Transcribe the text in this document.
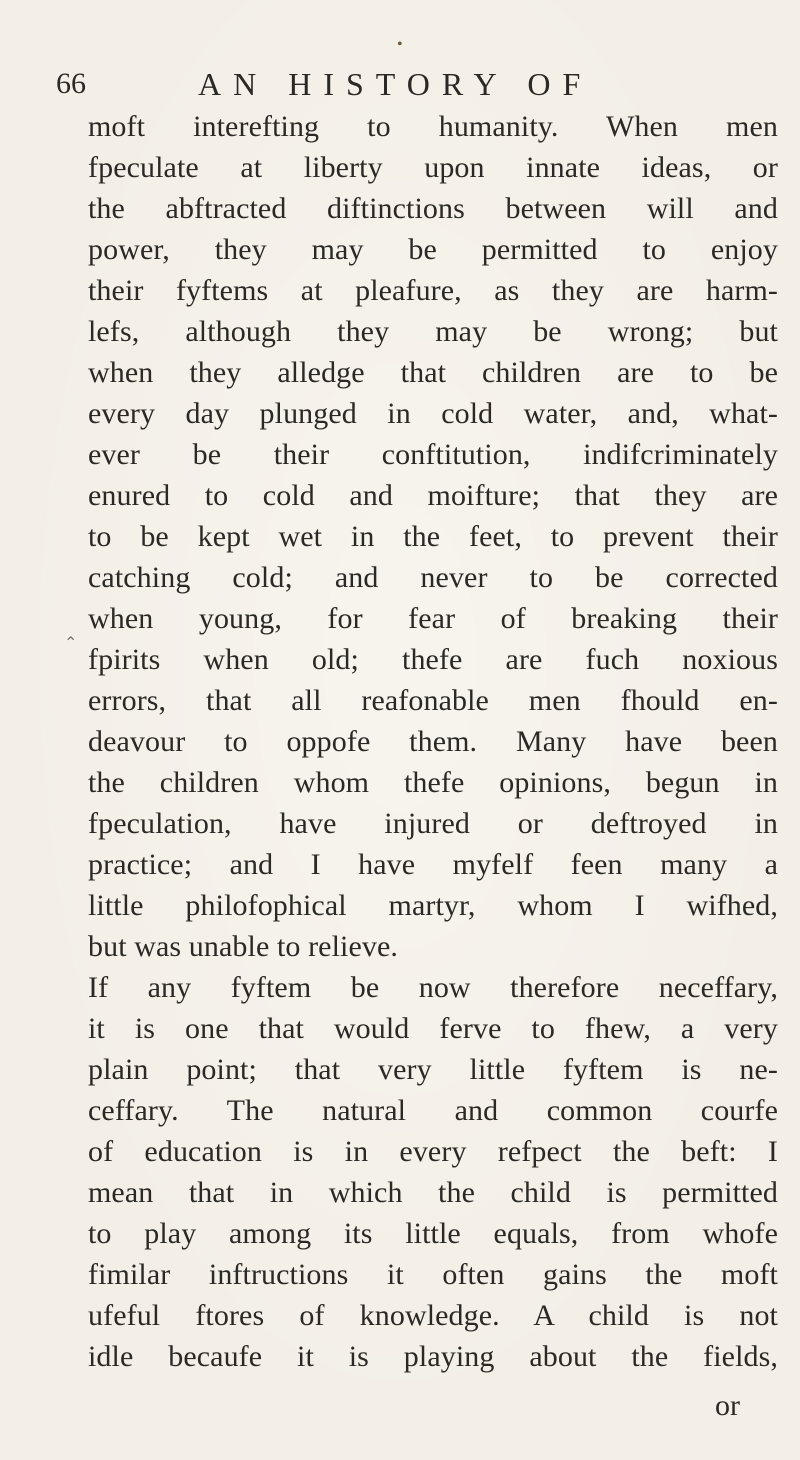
•
66	AN HISTORY OF
⌃
moft interefting to humanity. When men
fpeculate at liberty upon innate ideas, or
the abftracted diftinctions between will and
power, they may be permitted to enjoy
their fyftems at pleafure, as they are harm-
lefs, although they may be wrong; but
when they alledge that children are to be
every day plunged in cold water, and, what-
ever be their conftitution, indifcriminately
enured to cold and moifture; that they are
to be kept wet in the feet, to prevent their
catching cold; and never to be corrected
when young, for fear of breaking their
fpirits when old; thefe are fuch noxious
errors, that all reafonable men fhould en-
deavour to oppofe them. Many have been
the children whom thefe opinions, begun in
fpeculation, have injured or deftroyed in
practice; and I have myfelf feen many a
little philofophical martyr, whom I wifhed,
but was unable to relieve.
If any fyftem be now therefore neceffary,
it is one that would ferve to fhew, a very
plain point; that very little fyftem is ne-
ceffary. The natural and common courfe
of education is in every refpect the beft: I
mean that in which the child is permitted
to play among its little equals, from whofe
fimilar inftructions it often gains the moft
ufeful ftores of knowledge. A child is not
idle becaufe it is playing about the fields,
or
